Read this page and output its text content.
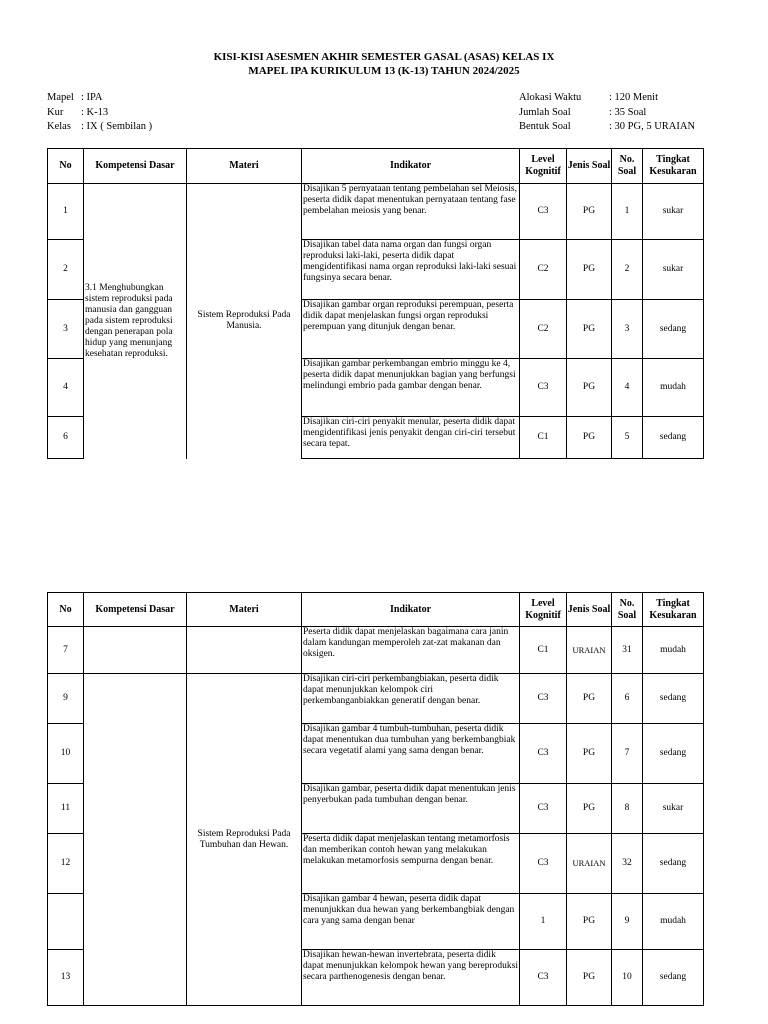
KISI-KISI ASESMEN AKHIR SEMESTER GASAL (ASAS) KELAS IX
MAPEL IPA KURIKULUM 13 (K-13) TAHUN 2024/2025
Mapel : IPA
Kur	: K-13
Kelas : IX ( Sembilan )
Alokasi Waktu	: 120 Menit
Jumlah Soal	: 35 Soal
Bentuk Soal	: 30 PG, 5 URAIAN
No	Kompetensi Dasar	Materi	Indikator	Level Kognitif	Jenis Soal	No. Soal	Tingkat Kesukaran
1	3.1 Menghubungkan sistem reproduksi pada manusia dan gangguan pada sistem reproduksi dengan penerapan pola hidup yang menunjang kesehatan reproduksi.	Sistem Reproduksi Pada Manusia.	Disajikan 5 pernyataan tentang pembelahan sel Meiosis, peserta didik dapat menentukan pernyataan tentang fase pembelahan meiosis yang benar.	C3	PG	1	sukar
2			Disajikan tabel data nama organ dan fungsi organ reproduksi laki-laki, peserta didik dapat mengidentifikasi nama organ reproduksi laki-laki sesuai fungsinya secara benar.	C2	PG	2	sukar
3			Disajikan gambar organ reproduksi perempuan, peserta didik dapat menjelaskan fungsi organ reproduksi perempuan yang ditunjuk dengan benar.	C2	PG	3	sedang
4			Disajikan gambar perkembangan embrio minggu ke 4, peserta didik dapat menunjukkan bagian yang berfungsi melindungi embrio pada gambar dengan benar.	C3	PG	4	mudah
6			Disajikan ciri-ciri penyakit menular, peserta didik dapat mengidentifikasi jenis penyakit dengan ciri-ciri tersebut secara tepat.	C1	PG	5	sedang
No	Kompetensi Dasar	Materi	Indikator	Level Kognitif	Jenis Soal	No. Soal	Tingkat Kesukaran
7			Peserta didik dapat menjelaskan bagaimana cara janin dalam kandungan memperoleh zat-zat makanan dan oksigen.	C1	URAIAN	31	mudah
9		Sistem Reproduksi Pada Tumbuhan dan Hewan.	Disajikan ciri-ciri perkembangbiakan, peserta didik dapat menunjukkan kelompok ciri perkembanganbiakkan generatif dengan benar.	C3	PG	6	sedang
10			Disajikan gambar 4 tumbuh-tumbuhan, peserta didik dapat menentukan dua tumbuhan yang berkembangbiak secara vegetatif alami yang sama dengan benar.	C3	PG	7	sedang
11			Disajikan gambar, peserta didik dapat menentukan jenis penyerbukan pada tumbuhan dengan benar.	C3	PG	8	sukar
12			Peserta didik dapat menjelaskan tentang metamorfosis dan memberikan contoh hewan yang melakukan melakukan metamorfosis sempurna dengan benar.	C3	URAIAN	32	sedang
			Disajikan gambar 4 hewan, peserta didik dapat menunjukkan dua hewan yang berkembangbiak dengan cara yang sama dengan benar	1	PG	9	mudah
13			Disajikan hewan-hewan invertebrata, peserta didik dapat menunjukkan kelompok hewan yang bereproduksi secara parthenogenesis dengan benar.	C3	PG	10	sedang
